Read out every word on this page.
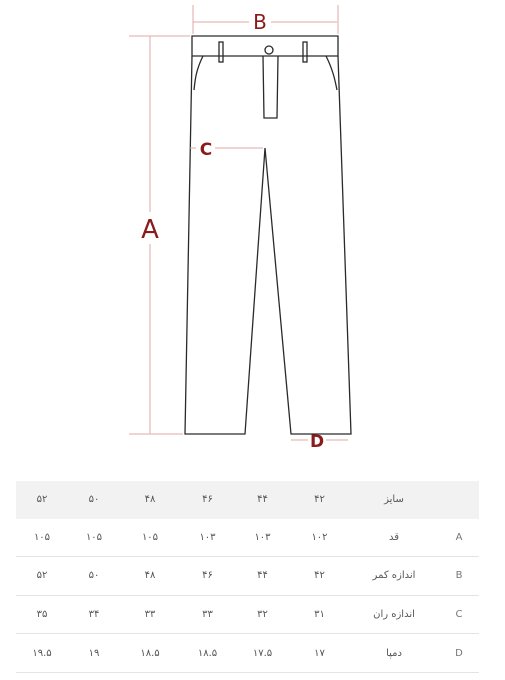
B
A
C
D
۵۲	۵۰	۴۸	۴۶	۴۴	۴۲	سایز	
۱۰۵	۱۰۵	۱۰۵	۱۰۳	۱۰۳	۱۰۲	قد	A
۵۲	۵۰	۴۸	۴۶	۴۴	۴۲	اندازه کمر	B
۳۵	۳۴	۳۳	۳۳	۳۲	۳۱	اندازه ران	C
۱۹.۵	۱۹	۱۸.۵	۱۸.۵	۱۷.۵	۱۷	دمپا	D
